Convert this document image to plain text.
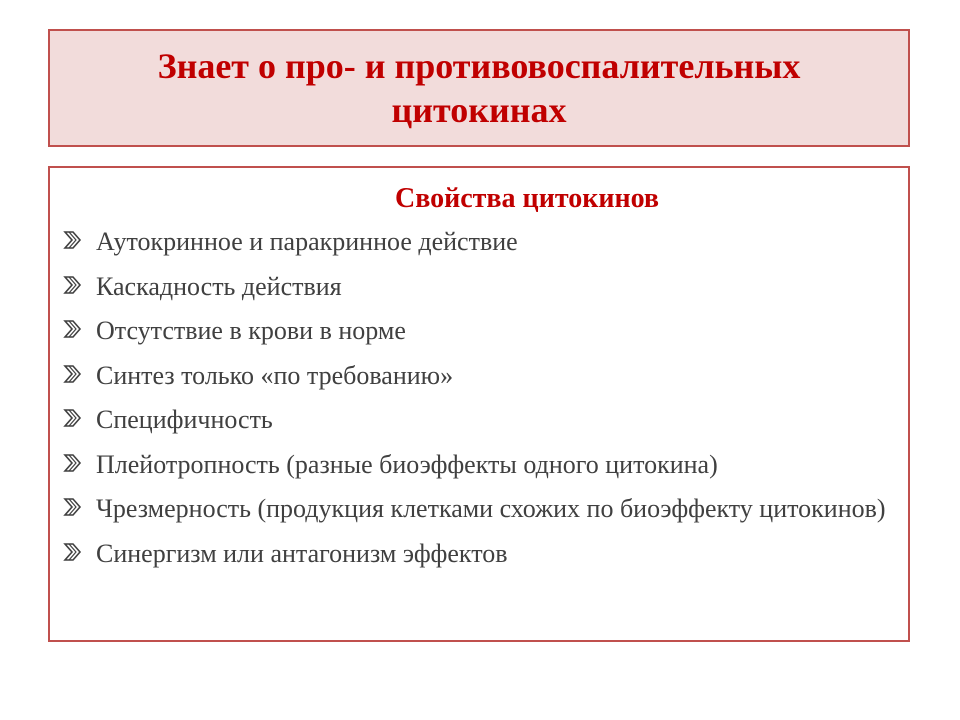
Знает о про- и противовоспалительных
цитокинах
Свойства цитокинов
Аутокринное и паракринное действие
Каскадность действия
Отсутствие в крови в норме
Синтез только «по требованию»
Специфичность
Плейотропность (разные биоэффекты одного цитокина)
Чрезмерность (продукция клетками схожих по биоэффекту цитокинов)
Синергизм или антагонизм эффектов
